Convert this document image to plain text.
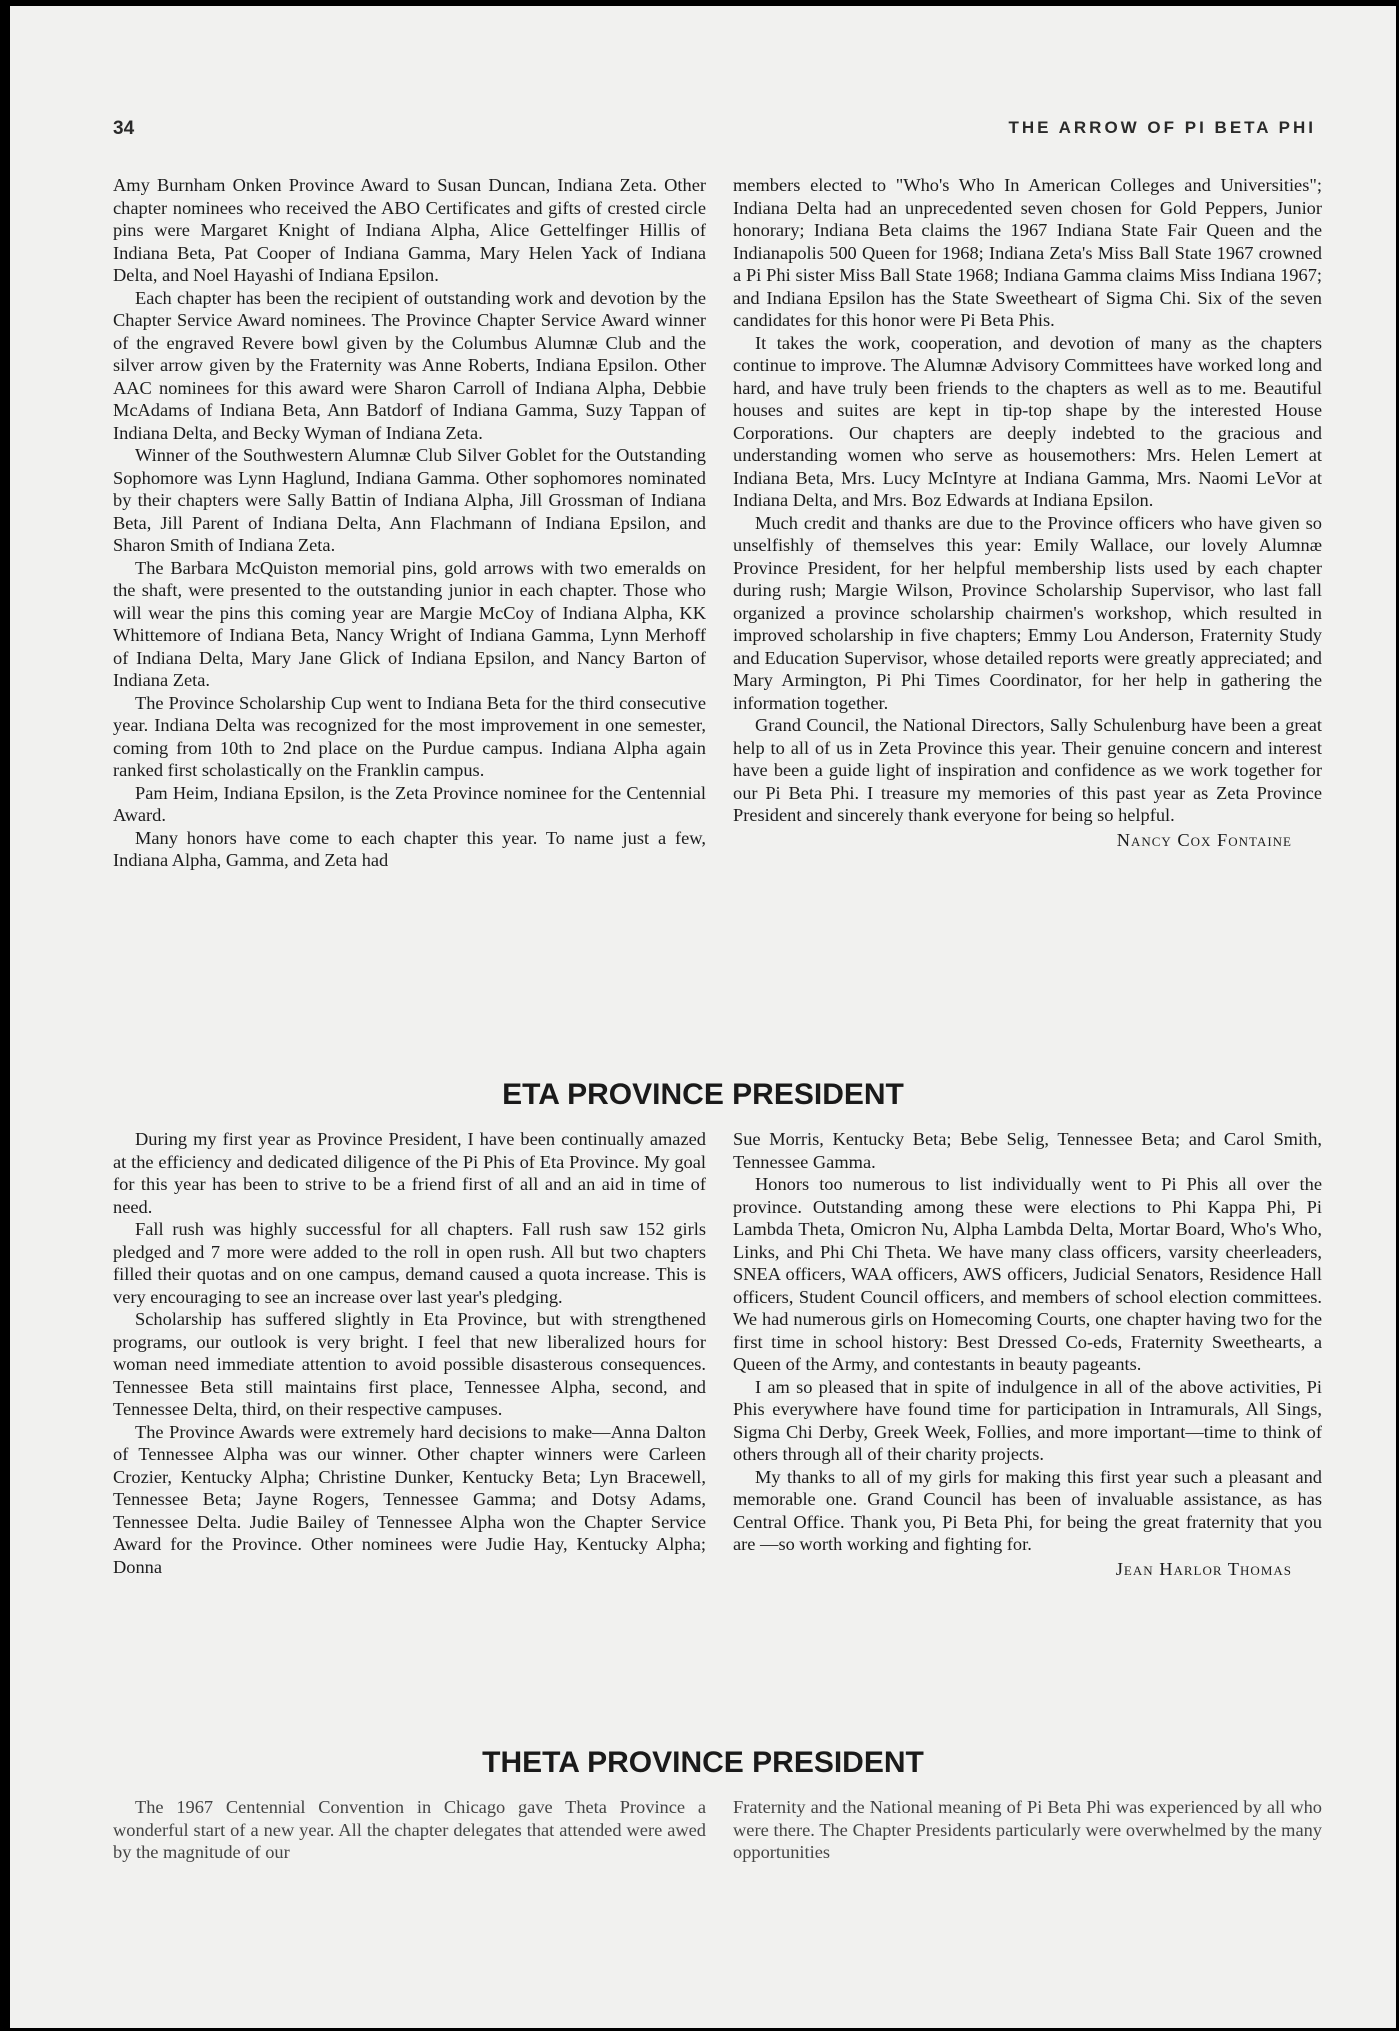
34	THE ARROW OF PI BETA PHI

Amy Burnham Onken Province Award to Susan Duncan, Indiana Zeta. Other chapter nominees who received the ABO Certificates and gifts of crested circle pins were Margaret Knight of Indiana Alpha, Alice Gettelfinger Hillis of Indiana Beta, Pat Cooper of Indiana Gamma, Mary Helen Yack of Indiana Delta, and Noel Hayashi of Indiana Epsilon.

Each chapter has been the recipient of outstanding work and devotion by the Chapter Service Award nominees. The Province Chapter Service Award winner of the engraved Revere bowl given by the Columbus Alumnæ Club and the silver arrow given by the Fraternity was Anne Roberts, Indiana Epsilon. Other AAC nominees for this award were Sharon Carroll of Indiana Alpha, Debbie McAdams of Indiana Beta, Ann Batdorf of Indiana Gamma, Suzy Tappan of Indiana Delta, and Becky Wyman of Indiana Zeta.

Winner of the Southwestern Alumnæ Club Silver Goblet for the Outstanding Sophomore was Lynn Haglund, Indiana Gamma. Other sophomores nominated by their chapters were Sally Battin of Indiana Alpha, Jill Grossman of Indiana Beta, Jill Parent of Indiana Delta, Ann Flachmann of Indiana Epsilon, and Sharon Smith of Indiana Zeta.

The Barbara McQuiston memorial pins, gold arrows with two emeralds on the shaft, were presented to the outstanding junior in each chapter. Those who will wear the pins this coming year are Margie McCoy of Indiana Alpha, KK Whittemore of Indiana Beta, Nancy Wright of Indiana Gamma, Lynn Merhoff of Indiana Delta, Mary Jane Glick of Indiana Epsilon, and Nancy Barton of Indiana Zeta.

The Province Scholarship Cup went to Indiana Beta for the third consecutive year. Indiana Delta was recognized for the most improvement in one semester, coming from 10th to 2nd place on the Purdue campus. Indiana Alpha again ranked first scholastically on the Franklin campus.

Pam Heim, Indiana Epsilon, is the Zeta Province nominee for the Centennial Award.

Many honors have come to each chapter this year. To name just a few, Indiana Alpha, Gamma, and Zeta had

members elected to "Who's Who In American Colleges and Universities"; Indiana Delta had an unprecedented seven chosen for Gold Peppers, Junior honorary; Indiana Beta claims the 1967 Indiana State Fair Queen and the Indianapolis 500 Queen for 1968; Indiana Zeta's Miss Ball State 1967 crowned a Pi Phi sister Miss Ball State 1968; Indiana Gamma claims Miss Indiana 1967; and Indiana Epsilon has the State Sweetheart of Sigma Chi. Six of the seven candidates for this honor were Pi Beta Phis.

It takes the work, cooperation, and devotion of many as the chapters continue to improve. The Alumnæ Advisory Committees have worked long and hard, and have truly been friends to the chapters as well as to me. Beautiful houses and suites are kept in tip-top shape by the interested House Corporations. Our chapters are deeply indebted to the gracious and understanding women who serve as housemothers: Mrs. Helen Lemert at Indiana Beta, Mrs. Lucy McIntyre at Indiana Gamma, Mrs. Naomi LeVor at Indiana Delta, and Mrs. Boz Edwards at Indiana Epsilon.

Much credit and thanks are due to the Province officers who have given so unselfishly of themselves this year: Emily Wallace, our lovely Alumnæ Province President, for her helpful membership lists used by each chapter during rush; Margie Wilson, Province Scholarship Supervisor, who last fall organized a province scholarship chairmen's workshop, which resulted in improved scholarship in five chapters; Emmy Lou Anderson, Fraternity Study and Education Supervisor, whose detailed reports were greatly appreciated; and Mary Armington, Pi Phi Times Coordinator, for her help in gathering the information together.

Grand Council, the National Directors, Sally Schulenburg have been a great help to all of us in Zeta Province this year. Their genuine concern and interest have been a guide light of inspiration and confidence as we work together for our Pi Beta Phi. I treasure my memories of this past year as Zeta Province President and sincerely thank everyone for being so helpful.

Nancy Cox Fontaine
ETA PROVINCE PRESIDENT

During my first year as Province President, I have been continually amazed at the efficiency and dedicated diligence of the Pi Phis of Eta Province. My goal for this year has been to strive to be a friend first of all and an aid in time of need.

Fall rush was highly successful for all chapters. Fall rush saw 152 girls pledged and 7 more were added to the roll in open rush. All but two chapters filled their quotas and on one campus, demand caused a quota increase. This is very encouraging to see an increase over last year's pledging.

Scholarship has suffered slightly in Eta Province, but with strengthened programs, our outlook is very bright. I feel that new liberalized hours for woman need immediate attention to avoid possible disasterous consequences. Tennessee Beta still maintains first place, Tennessee Alpha, second, and Tennessee Delta, third, on their respective campuses.

The Province Awards were extremely hard decisions to make—Anna Dalton of Tennessee Alpha was our winner. Other chapter winners were Carleen Crozier, Kentucky Alpha; Christine Dunker, Kentucky Beta; Lyn Bracewell, Tennessee Beta; Jayne Rogers, Tennessee Gamma; and Dotsy Adams, Tennessee Delta. Judie Bailey of Tennessee Alpha won the Chapter Service Award for the Province. Other nominees were Judie Hay, Kentucky Alpha; Donna

Sue Morris, Kentucky Beta; Bebe Selig, Tennessee Beta; and Carol Smith, Tennessee Gamma.

Honors too numerous to list individually went to Pi Phis all over the province. Outstanding among these were elections to Phi Kappa Phi, Pi Lambda Theta, Omicron Nu, Alpha Lambda Delta, Mortar Board, Who's Who, Links, and Phi Chi Theta. We have many class officers, varsity cheerleaders, SNEA officers, WAA officers, AWS officers, Judicial Senators, Residence Hall officers, Student Council officers, and members of school election committees. We had numerous girls on Homecoming Courts, one chapter having two for the first time in school history: Best Dressed Co-eds, Fraternity Sweethearts, a Queen of the Army, and contestants in beauty pageants.

I am so pleased that in spite of indulgence in all of the above activities, Pi Phis everywhere have found time for participation in Intramurals, All Sings, Sigma Chi Derby, Greek Week, Follies, and more important—time to think of others through all of their charity projects.

My thanks to all of my girls for making this first year such a pleasant and memorable one. Grand Council has been of invaluable assistance, as has Central Office. Thank you, Pi Beta Phi, for being the great fraternity that you are —so worth working and fighting for.

Jean Harlor Thomas
THETA PROVINCE PRESIDENT

The 1967 Centennial Convention in Chicago gave Theta Province a wonderful start of a new year. All the chapter delegates that attended were awed by the magnitude of our

Fraternity and the National meaning of Pi Beta Phi was experienced by all who were there. The Chapter Presidents particularly were overwhelmed by the many opportunities
